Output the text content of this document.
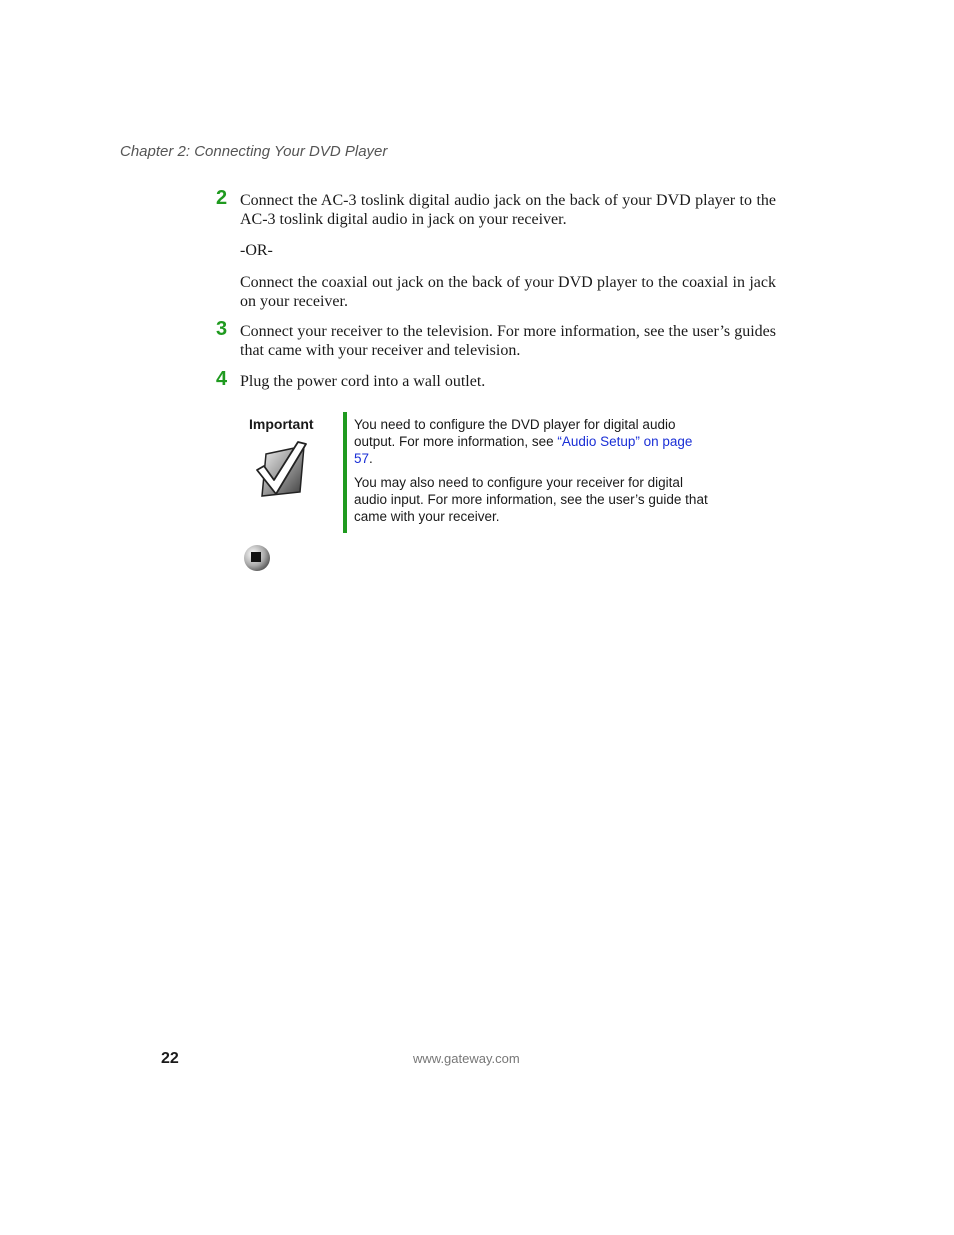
Chapter 2: Connecting Your DVD Player
2 Connect the AC-3 toslink digital audio jack on the back of your DVD player to the AC-3 toslink digital audio in jack on your receiver.
-OR-
Connect the coaxial out jack on the back of your DVD player to the coaxial in jack on your receiver.
3 Connect your receiver to the television. For more information, see the user’s guides that came with your receiver and television.
4 Plug the power cord into a wall outlet.
Important	You need to configure the DVD player for digital audio output. For more information, see “Audio Setup” on page 57.
You may also need to configure your receiver for digital audio input. For more information, see the user’s guide that came with your receiver.
22	www.gateway.com
